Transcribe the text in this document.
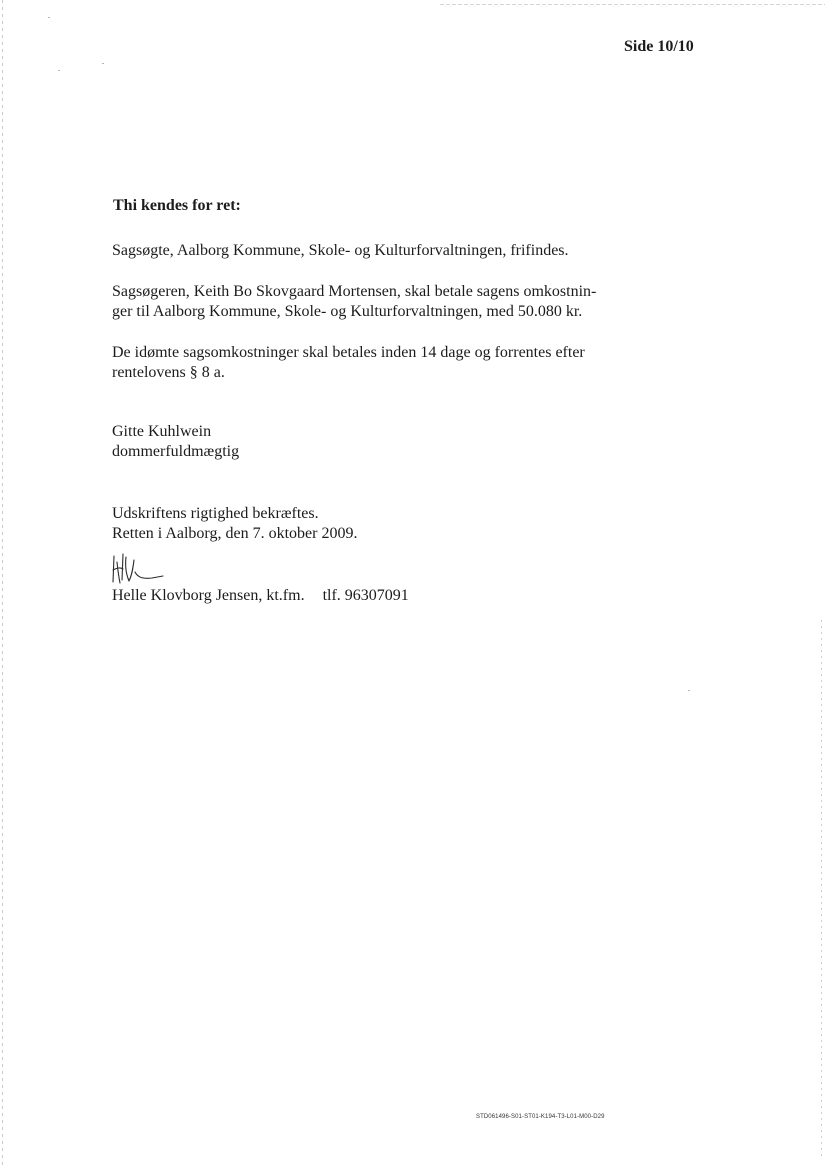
Side 10/10
Thi kendes for ret:
Sagsøgte, Aalborg Kommune, Skole- og Kulturforvaltningen, frifindes.
Sagsøgeren, Keith Bo Skovgaard Mortensen, skal betale sagens omkostnin-
ger til Aalborg Kommune, Skole- og Kulturforvaltningen, med 50.080 kr.
De idømte sagsomkostninger skal betales inden 14 dage og forrentes efter
rentelovens § 8 a.
Gitte Kuhlwein
dommerfuldmægtig
Udskriftens rigtighed bekræftes.
Retten i Aalborg, den 7. oktober 2009.
Helle Klovborg Jensen, kt.fm. tlf. 96307091
STD061496-S01-ST01-K194-T3-L01-M00-D29
